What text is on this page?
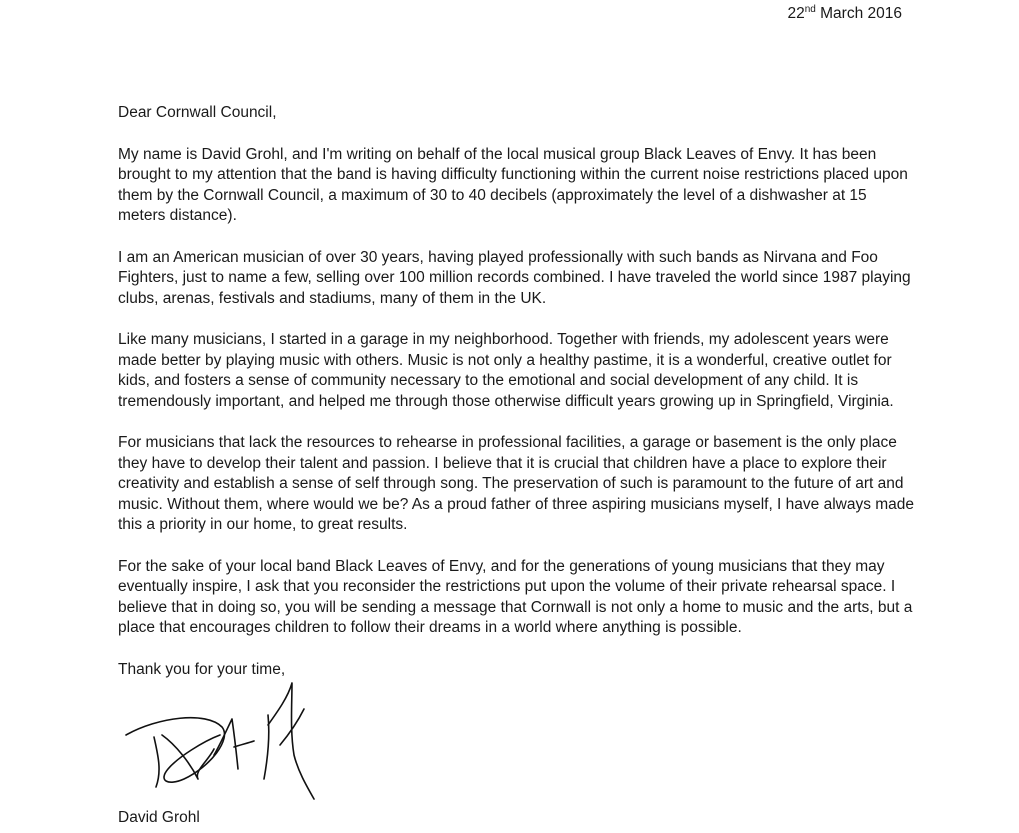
22nd March 2016

Dear Cornwall Council,

My name is David Grohl, and I'm writing on behalf of the local musical group Black Leaves of Envy. It has been brought to my attention that the band is having difficulty functioning within the current noise restrictions placed upon them by the Cornwall Council, a maximum of 30 to 40 decibels (approximately the level of a dishwasher at 15 meters distance).

I am an American musician of over 30 years, having played professionally with such bands as Nirvana and Foo Fighters, just to name a few, selling over 100 million records combined. I have traveled the world since 1987 playing clubs, arenas, festivals and stadiums, many of them in the UK.

Like many musicians, I started in a garage in my neighborhood. Together with friends, my adolescent years were made better by playing music with others. Music is not only a healthy pastime, it is a wonderful, creative outlet for kids, and fosters a sense of community necessary to the emotional and social development of any child. It is tremendously important, and helped me through those otherwise difficult years growing up in Springfield, Virginia.

For musicians that lack the resources to rehearse in professional facilities, a garage or basement is the only place they have to develop their talent and passion. I believe that it is crucial that children have a place to explore their creativity and establish a sense of self through song. The preservation of such is paramount to the future of art and music. Without them, where would we be? As a proud father of three aspiring musicians myself, I have always made this a priority in our home, to great results.

For the sake of your local band Black Leaves of Envy, and for the generations of young musicians that they may eventually inspire, I ask that you reconsider the restrictions put upon the volume of their private rehearsal space. I believe that in doing so, you will be sending a message that Cornwall is not only a home to music and the arts, but a place that encourages children to follow their dreams in a world where anything is possible.

Thank you for your time,

David Grohl
